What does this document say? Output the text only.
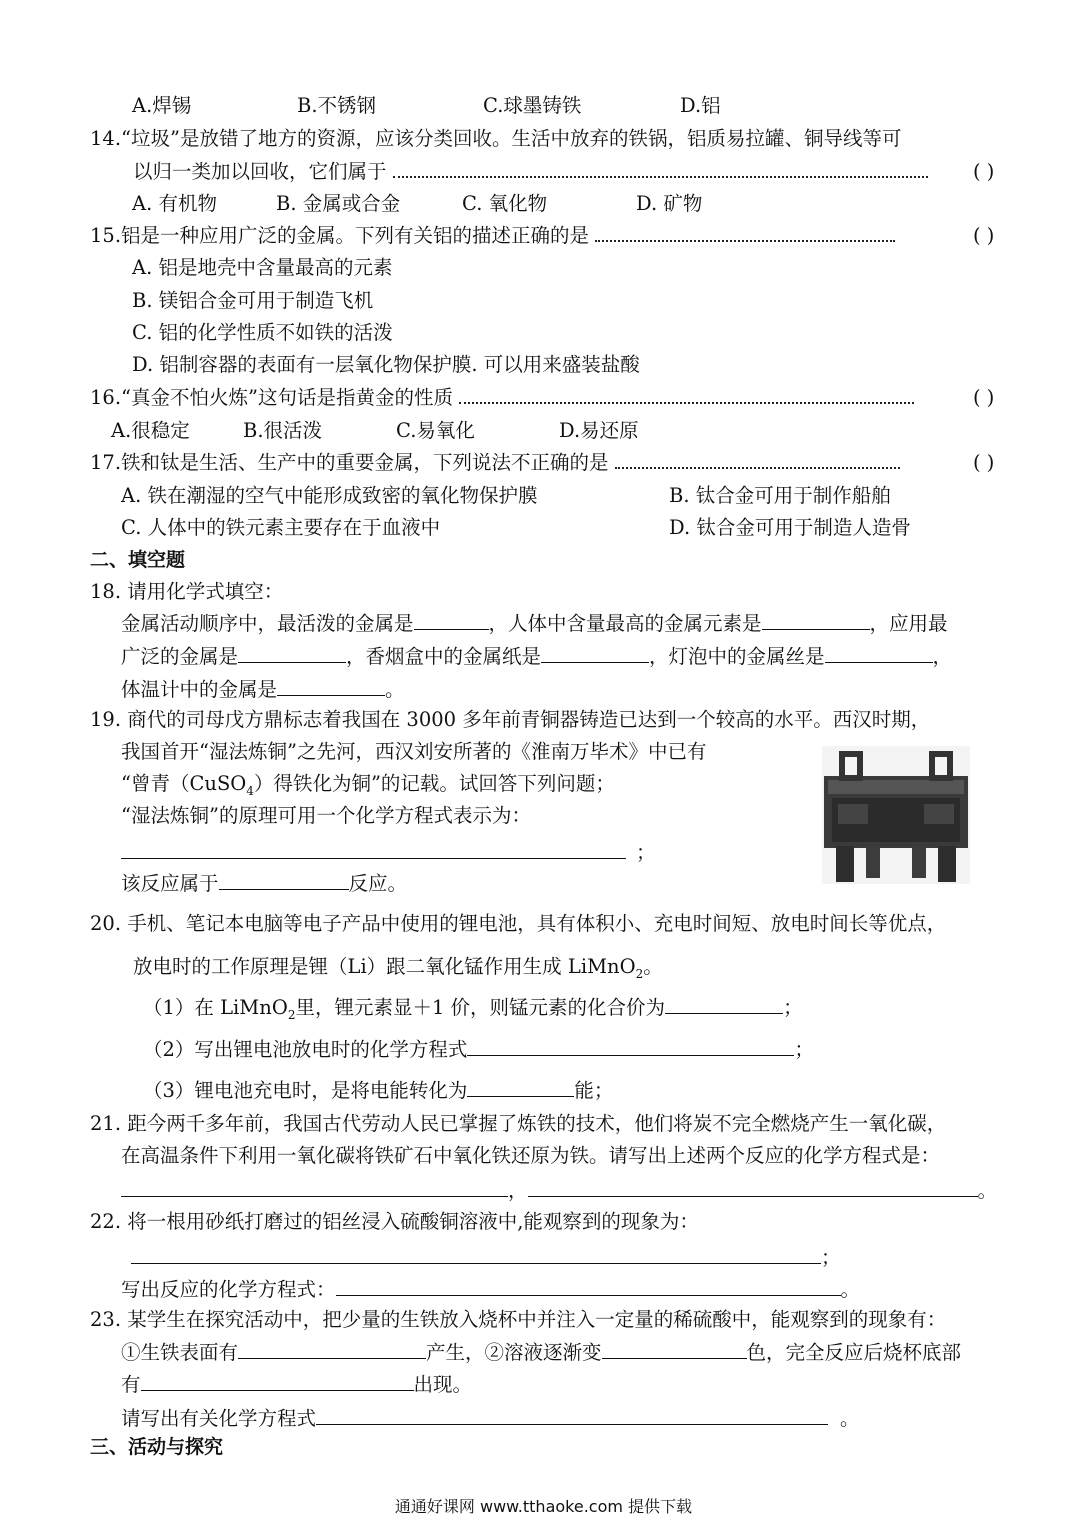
A.焊锡	B.不锈钢	C.球墨铸铁	D.铝
14.“垃圾”是放错了地方的资源，应该分类回收。生活中放弃的铁锅，铝质易拉罐、铜导线等可
以归一类加以回收，它们属于	( )
A. 有机物	B. 金属或合金	C. 氧化物	D. 矿物
15.铝是一种应用广泛的金属。下列有关铝的描述正确的是	( )
A. 铝是地壳中含量最高的元素
B. 镁铝合金可用于制造飞机
C. 铝的化学性质不如铁的活泼
D. 铝制容器的表面有一层氧化物保护膜. 可以用来盛装盐酸
16.“真金不怕火炼”这句话是指黄金的性质	( )
A.很稳定	B.很活泼	C.易氧化	D.易还原
17.铁和钛是生活、生产中的重要金属，下列说法不正确的是	( )
A. 铁在潮湿的空气中能形成致密的氧化物保护膜	B. 钛合金可用于制作船舶
C. 人体中的铁元素主要存在于血液中	D. 钛合金可用于制造人造骨
二、填空题
18. 请用化学式填空：
金属活动顺序中，最活泼的金属是	，人体中含量最高的金属元素是	，应用最
广泛的金属是	，香烟盒中的金属纸是	，灯泡中的金属丝是	，
体温计中的金属是	。
19. 商代的司母戊方鼎标志着我国在 3000 多年前青铜器铸造已达到一个较高的水平。西汉时期，
我国首开“湿法炼铜”之先河，西汉刘安所著的《淮南万毕术》中已有
“曾青（CuSO$_4$）得铁化为铜”的记载。试回答下列问题；
“湿法炼铜”的原理可用一个化学方程式表示为：
；
该反应属于	反应。
20. 手机、笔记本电脑等电子产品中使用的锂电池，具有体积小、充电时间短、放电时间长等优点，
放电时的工作原理是锂（Li）跟二氧化锰作用生成 LiMnO$_2$。
（1）在 LiMnO$_2$里，锂元素显＋1 价，则锰元素的化合价为	；
（2）写出锂电池放电时的化学方程式	；
（3）锂电池充电时，是将电能转化为	能；
21. 距今两千多年前，我国古代劳动人民已掌握了炼铁的技术，他们将炭不完全燃烧产生一氧化碳，
在高温条件下利用一氧化碳将铁矿石中氧化铁还原为铁。请写出上述两个反应的化学方程式是：
，	。
22. 将一根用砂纸打磨过的铝丝浸入硫酸铜溶液中,能观察到的现象为：
；
写出反应的化学方程式：	。
23. 某学生在探究活动中，把少量的生铁放入烧杯中并注入一定量的稀硫酸中，能观察到的现象有：
①生铁表面有	产生，②溶液逐渐变	色，完全反应后烧杯底部
有	出现。
请写出有关化学方程式	。
三、活动与探究
通通好课网 www.tthaoke.com 提供下载
